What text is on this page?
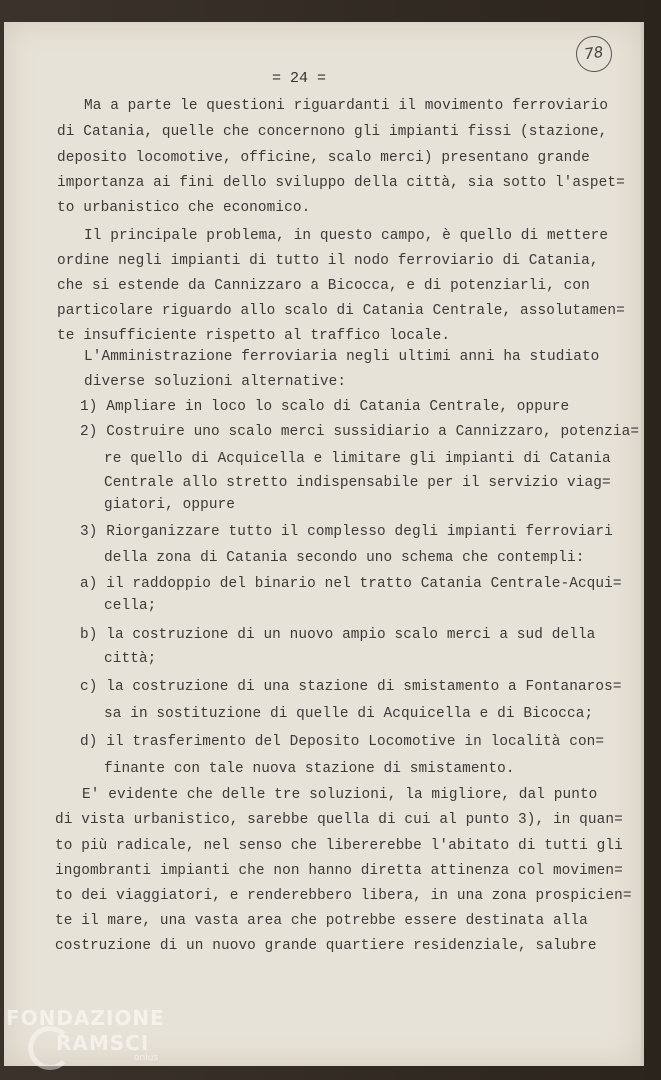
= 24 =
78
Ma a parte le questioni riguardanti il movimento ferroviario
di Catania, quelle che concernono gli impianti fissi (stazione,
deposito locomotive, officine, scalo merci) presentano grande
importanza ai fini dello sviluppo della città, sia sotto l'aspet=
to urbanistico che economico.
Il principale problema, in questo campo, è quello di mettere
ordine negli impianti di tutto il nodo ferroviario di Catania,
che si estende da Cannizzaro a Bicocca, e di potenziarli, con
particolare riguardo allo scalo di Catania Centrale, assolutamen=
te insufficiente rispetto al traffico locale.
L'Amministrazione ferroviaria negli ultimi anni ha studiato
diverse soluzioni alternative:
1) Ampliare in loco lo scalo di Catania Centrale, oppure
2) Costruire uno scalo merci sussidiario a Cannizzaro, potenzia=
re quello di Acquicella e limitare gli impianti di Catania
Centrale allo stretto indispensabile per il servizio viag=
giatori, oppure
3) Riorganizzare tutto il complesso degli impianti ferroviari
della zona di Catania secondo uno schema che contempli:
a) il raddoppio del binario nel tratto Catania Centrale-Acqui=
cella;
b) la costruzione di un nuovo ampio scalo merci a sud della
città;
c) la costruzione di una stazione di smistamento a Fontanaros=
sa in sostituzione di quelle di Acquicella e di Bicocca;
d) il trasferimento del Deposito Locomotive in località con=
finante con tale nuova stazione di smistamento.
E' evidente che delle tre soluzioni, la migliore, dal punto
di vista urbanistico, sarebbe quella di cui al punto 3), in quan=
to più radicale, nel senso che libererebbe l'abitato di tutti gli
ingombranti impianti che non hanno diretta attinenza col movimen=
to dei viaggiatori, e renderebbero libera, in una zona prospicien=
te il mare, una vasta area che potrebbe essere destinata alla
costruzione di un nuovo grande quartiere residenziale, salubre
FONDAZIONE
RAMSCI
onlus
